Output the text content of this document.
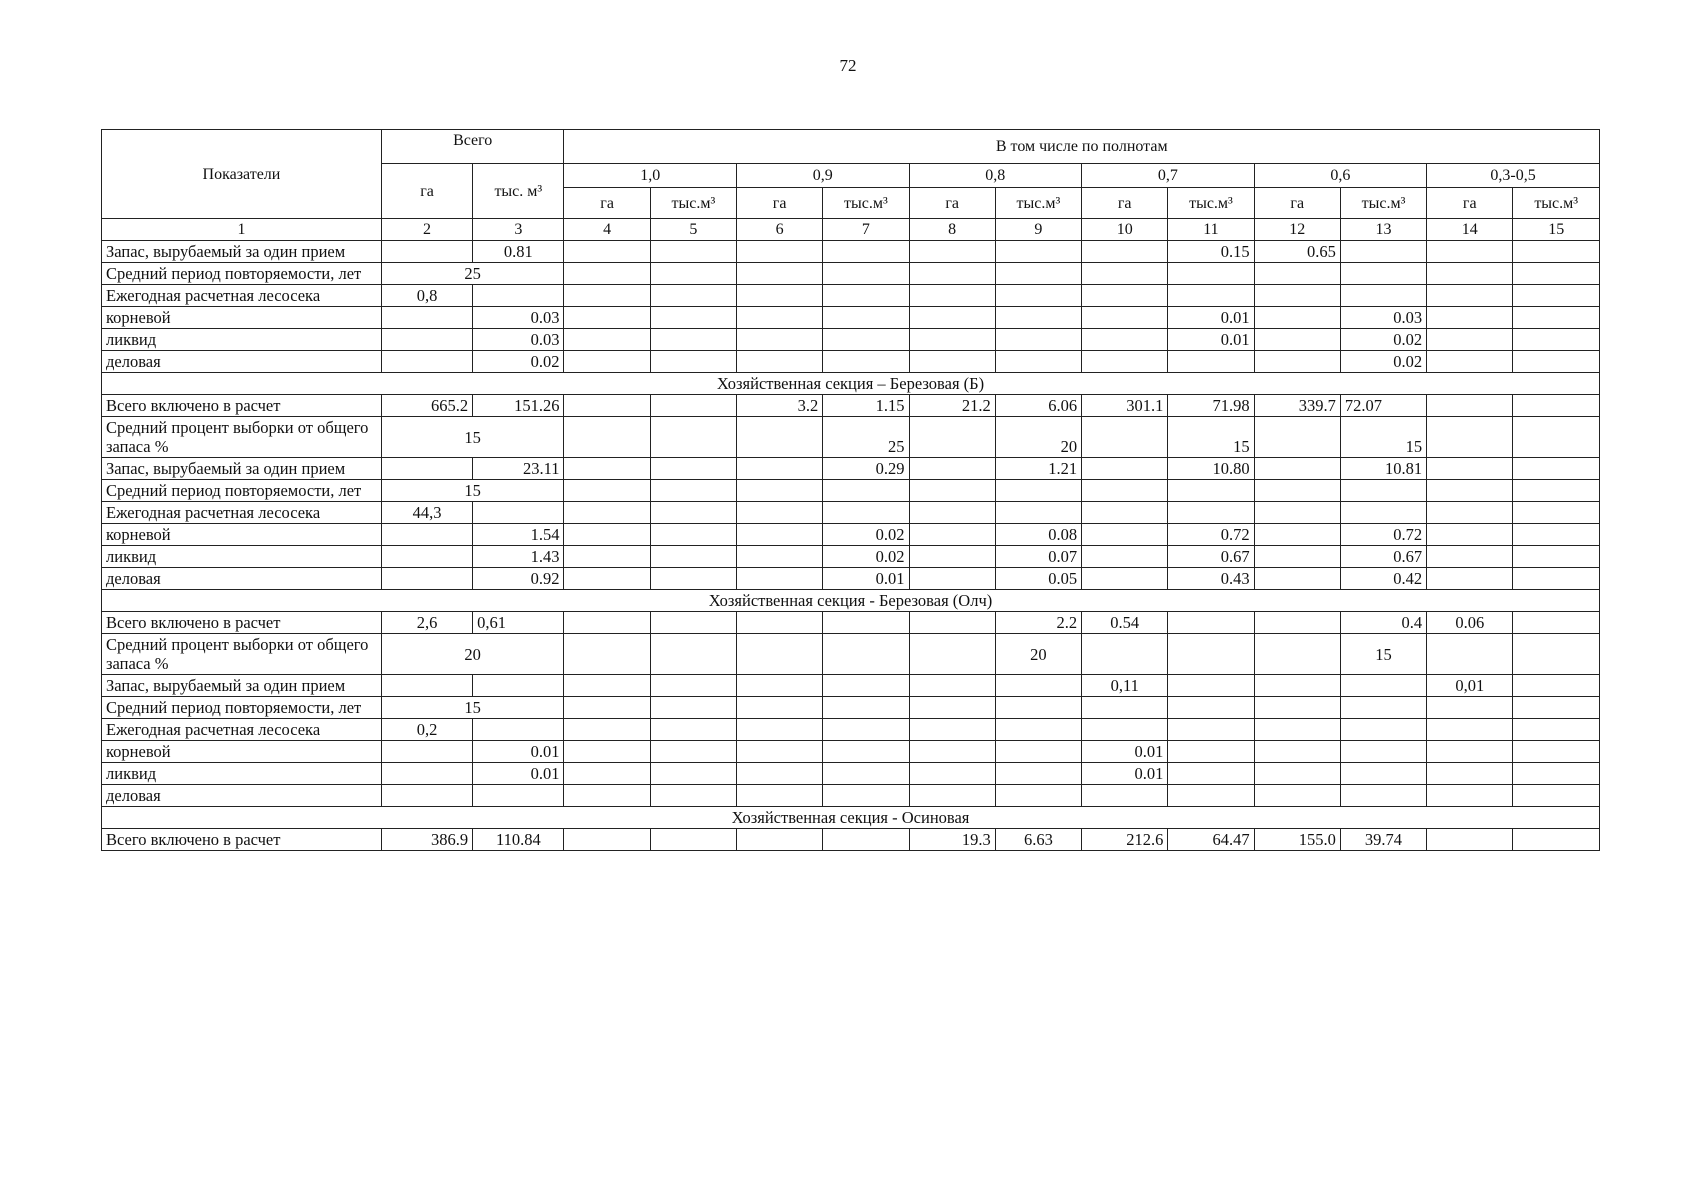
72
Показатели	Всего		В том числе по полнотам											
	га	тыс. м³	1,0		0,9		0,8		0,7		0,6		0,3-0,5	
			га	тыс.м³	га	тыс.м³	га	тыс.м³	га	тыс.м³	га	тыс.м³	га	тыс.м³
1	2	3	4	5	6	7	8	9	10	11	12	13	14	15
Запас, вырубаемый за один прием		0.81								0.15	0.65			
Средний период повторяемости, лет	25													
Ежегодная расчетная лесосека	0,8													
корневой		0.03								0.01		0.03		
ликвид		0.03								0.01		0.02		
деловая		0.02										0.02		
Хозяйственная секция – Березовая (Б)														
Всего включено в расчет	665.2	151.26			3.2	1.15	21.2	6.06	301.1	71.98	339.7	72.07		
Средний процент выборки от общего запаса %	15					25		20		15		15		
Запас, вырубаемый за один прием		23.11				0.29		1.21		10.80		10.81		
Средний период повторяемости, лет	15													
Ежегодная расчетная лесосека	44,3													
корневой		1.54				0.02		0.08		0.72		0.72		
ликвид		1.43				0.02		0.07		0.67		0.67		
деловая		0.92				0.01		0.05		0.43		0.42		
Хозяйственная секция - Березовая (Олч)														
Всего включено в расчет	2,6	0,61						2.2	0.54			0.4	0.06	
Средний процент выборки от общего запаса %	20							20				15		
Запас, вырубаемый за один прием									0,11				0,01	
Средний период повторяемости, лет	15													
Ежегодная расчетная лесосека	0,2													
корневой		0.01							0.01					
ликвид		0.01							0.01					
деловая														
Хозяйственная секция - Осиновая														
Всего включено в расчет	386.9	110.84					19.3	6.63	212.6	64.47	155.0	39.74		
